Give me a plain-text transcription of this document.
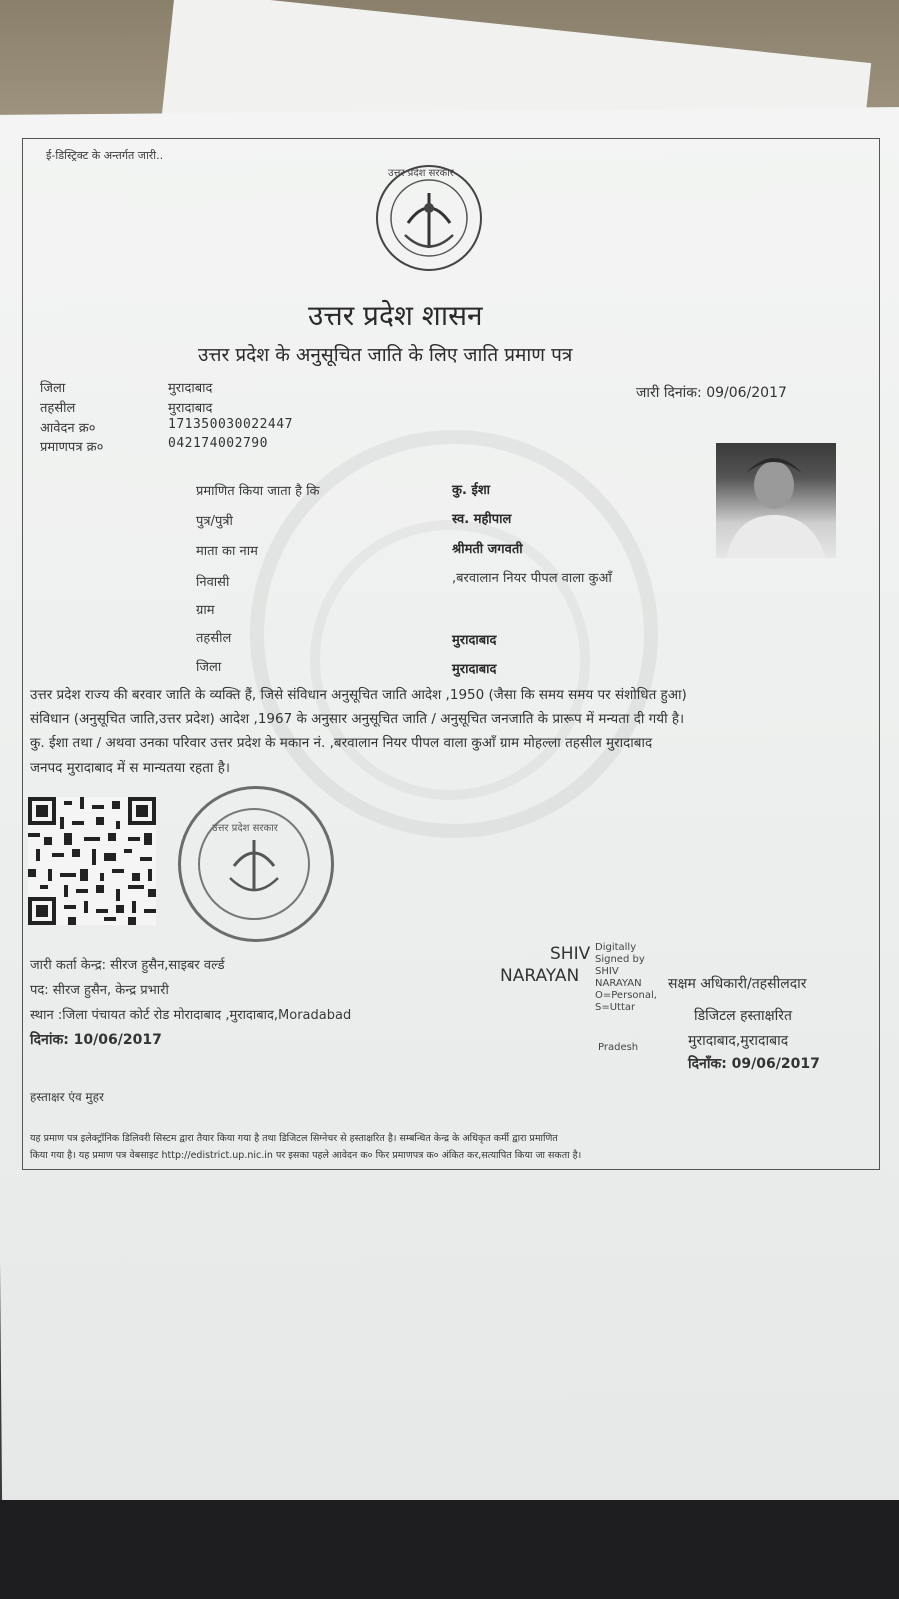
ई-डिस्ट्रिक्ट के अन्तर्गत जारी..
उत्तर प्रदेश सरकार
उत्तर प्रदेश शासन
उत्तर प्रदेश के अनुसूचित जाति के लिए जाति प्रमाण पत्र
जिला	मुरादाबाद
तहसील	मुरादाबाद
आवेदन क्र०	171350030022447
प्रमाणपत्र क्र०	042174002790
जारी दिनांक: 09/06/2017
प्रमाणित किया जाता है कि	कु. ईशा
पुत्र/पुत्री	स्व. महीपाल
माता का नाम	श्रीमती जगवती
निवासी	,बरवालान नियर पीपल वाला कुआँ
ग्राम
तहसील	मुरादाबाद
जिला	मुरादाबाद
उत्तर प्रदेश राज्य की बरवार जाति के व्यक्ति हैं, जिसे संविधान अनुसूचित जाति आदेश ,1950 (जैसा कि समय समय पर संशोधित हुआ)
संविधान (अनुसूचित जाति,उत्तर प्रदेश) आदेश ,1967 के अनुसार अनुसूचित जाति / अनुसूचित जनजाति के प्रारूप में मन्यता दी गयी है।
कु. ईशा तथा / अथवा उनका परिवार उत्तर प्रदेश के मकान नं. ,बरवालान नियर पीपल वाला कुआँ ग्राम मोहल्ला तहसील मुरादाबाद
जनपद मुरादाबाद में स मान्यतया रहता है।
उत्तर प्रदेश सरकार
जारी कर्ता केन्द्र: सीरज हुसैन,साइबर वर्ल्ड
पद: सीरज हुसैन, केन्द्र प्रभारी
स्थान :जिला पंचायत कोर्ट रोड मोरादाबाद ,मुरादाबाद,Moradabad
दिनांक: 10/06/2017
SHIV
NARAYAN
Digitally
Signed by
SHIV
NARAYAN
O=Personal,
S=Uttar
Pradesh
सक्षम अधिकारी/तहसीलदार
डिजिटल हस्ताक्षरित
मुरादाबाद,मुरादाबाद
दिनाँक: 09/06/2017
हस्ताक्षर एंव मुहर
यह प्रमाण पत्र इलेक्ट्रॉनिक डिलिवरी सिस्टम द्वारा तैयार किया गया है तथा डिजिटल सिग्नेचर से हस्ताक्षरित है। सम्बन्धित केन्द्र के अधिकृत कर्मी द्वारा प्रमाणित
किया गया है। यह प्रमाण पत्र वेबसाइट http://edistrict.up.nic.in पर इसका पहले आवेदन क० फिर प्रमाणपत्र क० अंकित कर,सत्यापित किया जा सकता है।
